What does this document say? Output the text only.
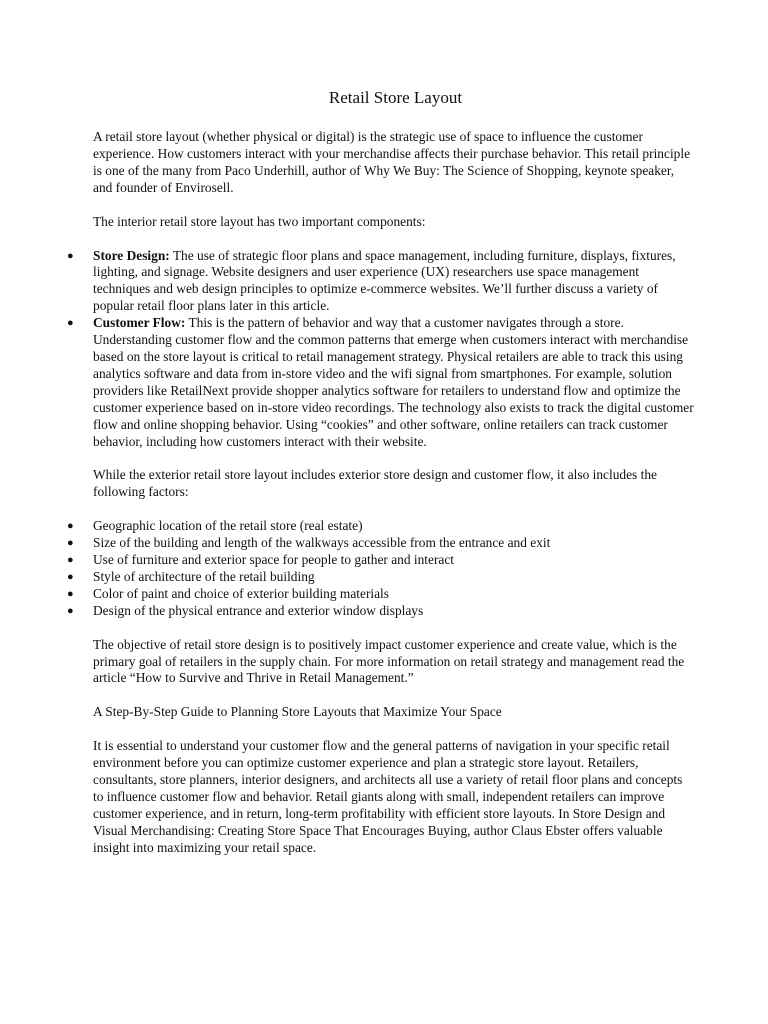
Retail Store Layout

A retail store layout (whether physical or digital) is the strategic use of space to influence the customer experience. How customers interact with your merchandise affects their purchase behavior. This retail principle is one of the many from Paco Underhill, author of Why We Buy: The Science of Shopping, keynote speaker, and founder of Envirosell.

The interior retail store layout has two important components:

● Store Design: The use of strategic floor plans and space management, including furniture, displays, fixtures, lighting, and signage. Website designers and user experience (UX) researchers use space management techniques and web design principles to optimize e-commerce websites. We’ll further discuss a variety of popular retail floor plans later in this article.
● Customer Flow: This is the pattern of behavior and way that a customer navigates through a store. Understanding customer flow and the common patterns that emerge when customers interact with merchandise based on the store layout is critical to retail management strategy. Physical retailers are able to track this using analytics software and data from in-store video and the wifi signal from smartphones. For example, solution providers like RetailNext provide shopper analytics software for retailers to understand flow and optimize the customer experience based on in-store video recordings. The technology also exists to track the digital customer flow and online shopping behavior. Using “cookies” and other software, online retailers can track customer behavior, including how customers interact with their website.

While the exterior retail store layout includes exterior store design and customer flow, it also includes the following factors:

● Geographic location of the retail store (real estate)
● Size of the building and length of the walkways accessible from the entrance and exit
● Use of furniture and exterior space for people to gather and interact
● Style of architecture of the retail building
● Color of paint and choice of exterior building materials
● Design of the physical entrance and exterior window displays

The objective of retail store design is to positively impact customer experience and create value, which is the primary goal of retailers in the supply chain. For more information on retail strategy and management read the article “How to Survive and Thrive in Retail Management.”

A Step-By-Step Guide to Planning Store Layouts that Maximize Your Space

It is essential to understand your customer flow and the general patterns of navigation in your specific retail environment before you can optimize customer experience and plan a strategic store layout. Retailers, consultants, store planners, interior designers, and architects all use a variety of retail floor plans and concepts to influence customer flow and behavior. Retail giants along with small, independent retailers can improve customer experience, and in return, long-term profitability with efficient store layouts. In Store Design and Visual Merchandising: Creating Store Space That Encourages Buying, author Claus Ebster offers valuable insight into maximizing your retail space.
